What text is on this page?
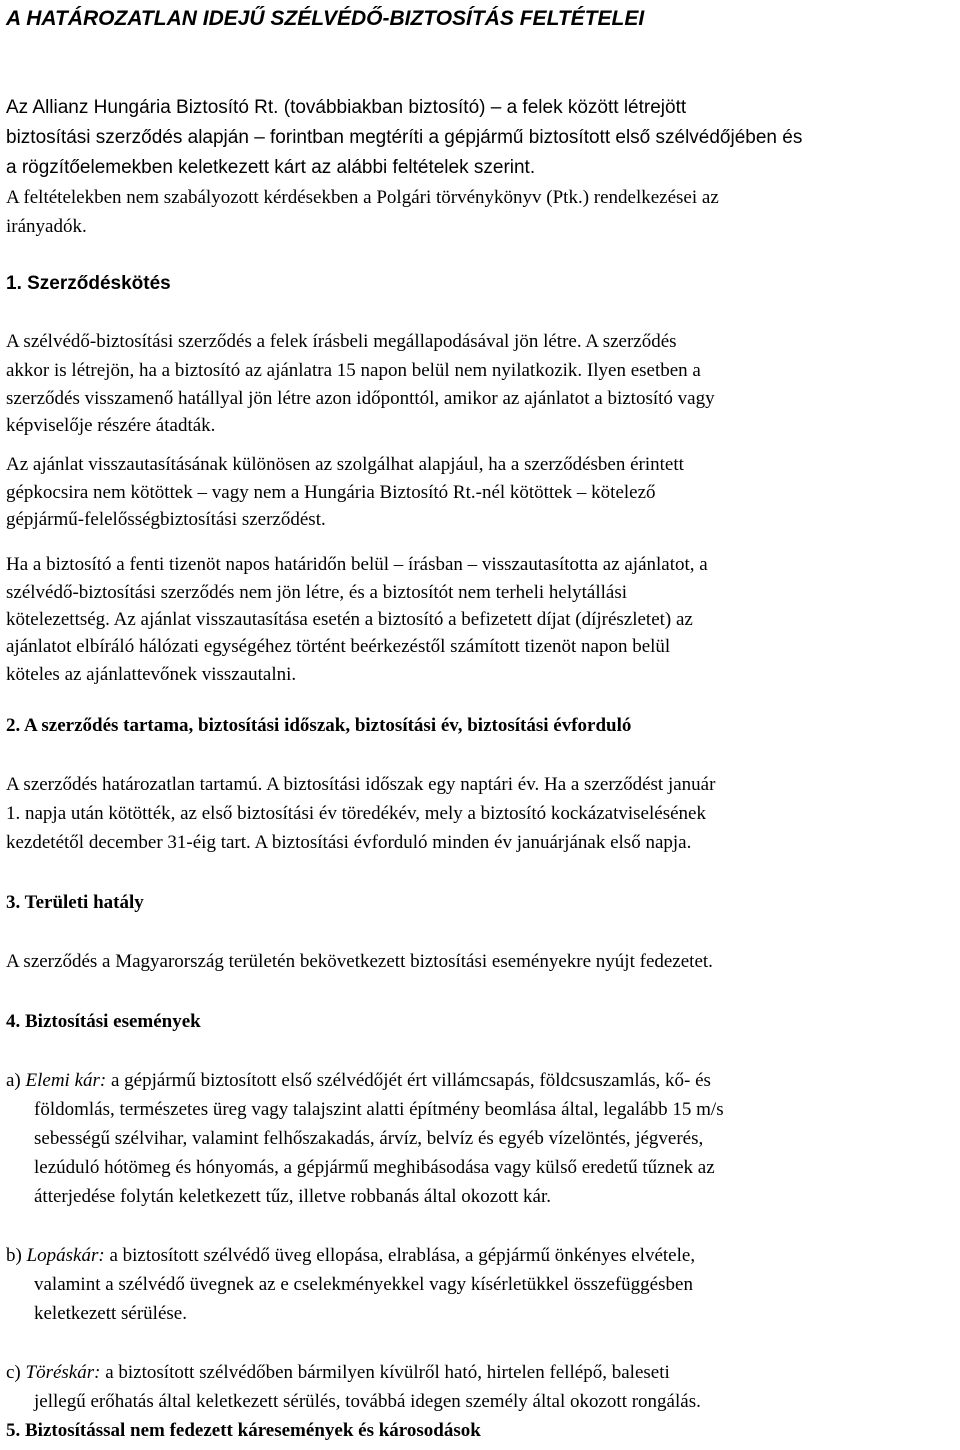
A HATÁROZATLAN IDEJŰ SZÉLVÉDŐ-BIZTOSÍTÁS FELTÉTELEI
Az Allianz Hungária Biztosító Rt. (továbbiakban biztosító) – a felek között létrejött
biztosítási szerződés alapján – forintban megtéríti a gépjármű biztosított első szélvédőjében és
a rögzítőelemekben keletkezett kárt az alábbi feltételek szerint.
A feltételekben nem szabályozott kérdésekben a Polgári törvénykönyv (Ptk.) rendelkezései az
irányadók.
1. Szerződéskötés
A szélvédő-biztosítási szerződés a felek írásbeli megállapodásával jön létre. A szerződés
akkor is létrejön, ha a biztosító az ajánlatra 15 napon belül nem nyilatkozik. Ilyen esetben a
szerződés visszamenő hatállyal jön létre azon időponttól, amikor az ajánlatot a biztosító vagy
képviselője részére átadták.
Az ajánlat visszautasításának különösen az szolgálhat alapjául, ha a szerződésben érintett
gépkocsira nem kötöttek – vagy nem a Hungária Biztosító Rt.-nél kötöttek – kötelező
gépjármű-felelősségbiztosítási szerződést.
Ha a biztosító a fenti tizenöt napos határidőn belül – írásban – visszautasította az ajánlatot, a
szélvédő-biztosítási szerződés nem jön létre, és a biztosítót nem terheli helytállási
kötelezettség. Az ajánlat visszautasítása esetén a biztosító a befizetett díjat (díjrészletet) az
ajánlatot elbíráló hálózati egységéhez történt beérkezéstől számított tizenöt napon belül
köteles az ajánlattevőnek visszautalni.
2. A szerződés tartama, biztosítási időszak, biztosítási év, biztosítási évforduló
A szerződés határozatlan tartamú. A biztosítási időszak egy naptári év. Ha a szerződést január
1. napja után kötötték, az első biztosítási év töredékév, mely a biztosító kockázatviselésének
kezdetétől december 31-éig tart. A biztosítási évforduló minden év januárjának első napja.
3. Területi hatály
A szerződés a Magyarország területén bekövetkezett biztosítási eseményekre nyújt fedezetet.
4. Biztosítási események
a) Elemi kár: a gépjármű biztosított első szélvédőjét ért villámcsapás, földcsuszamlás, kő- és
földomlás, természetes üreg vagy talajszint alatti építmény beomlása által, legalább 15 m/s
sebességű szélvihar, valamint felhőszakadás, árvíz, belvíz és egyéb vízelöntés, jégverés,
lezúduló hótömeg és hónyomás, a gépjármű meghibásodása vagy külső eredetű tűznek az
átterjedése folytán keletkezett tűz, illetve robbanás által okozott kár.
b) Lopáskár: a biztosított szélvédő üveg ellopása, elrablása, a gépjármű önkényes elvétele,
valamint a szélvédő üvegnek az e cselekményekkel vagy kísérletükkel összefüggésben
keletkezett sérülése.
c) Töréskár: a biztosított szélvédőben bármilyen kívülről ható, hirtelen fellépő, baleseti
jellegű erőhatás által keletkezett sérülés, továbbá idegen személy által okozott rongálás.
5. Biztosítással nem fedezett káresemények és károsodások
